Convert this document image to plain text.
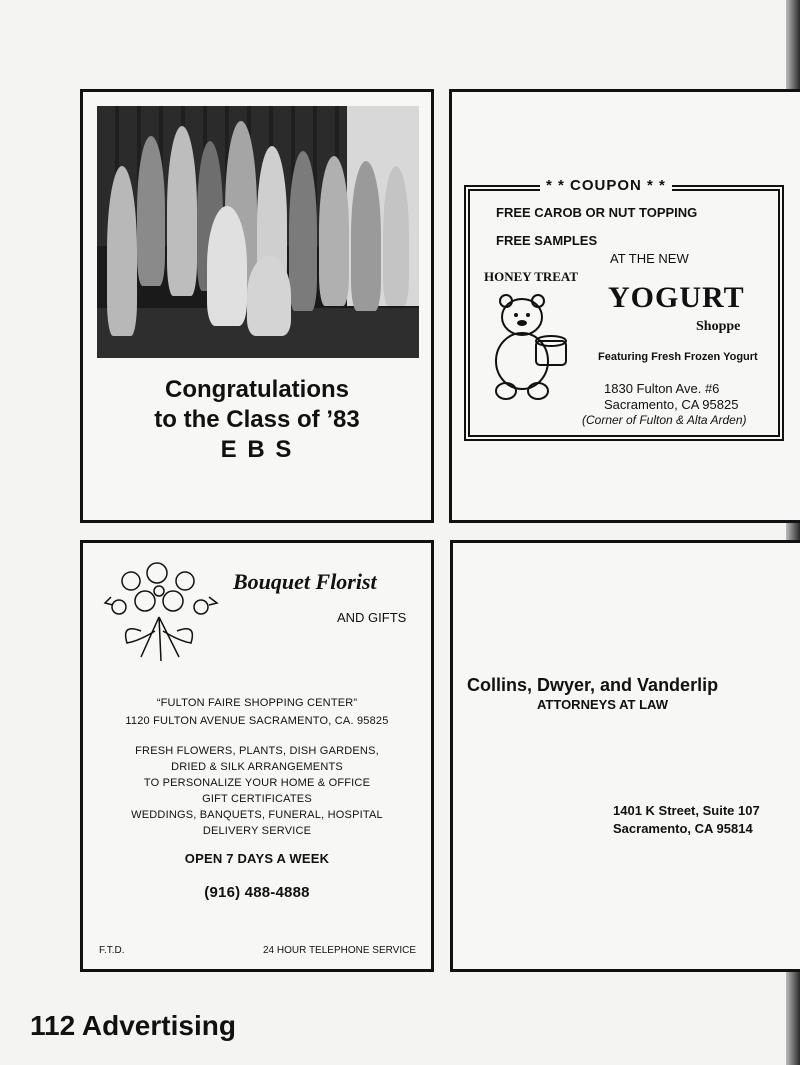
Congratulations
to the Class of ’83
E B S
* * COUPON * *
FREE CAROB OR NUT TOPPING
FREE SAMPLES
AT THE NEW
HONEY TREAT
YOGURT
Shoppe
Featuring Fresh Frozen Yogurt
1830 Fulton Ave. #6
Sacramento, CA 95825
(Corner of Fulton & Alta Arden)
Bouquet Florist
AND GIFTS
“FULTON FAIRE SHOPPING CENTER”
1120 FULTON AVENUE SACRAMENTO, CA. 95825
FRESH FLOWERS, PLANTS, DISH GARDENS,
DRIED & SILK ARRANGEMENTS
TO PERSONALIZE YOUR HOME & OFFICE
GIFT CERTIFICATES
WEDDINGS, BANQUETS, FUNERAL, HOSPITAL
DELIVERY SERVICE
OPEN 7 DAYS A WEEK
(916) 488-4888
F.T.D.	24 HOUR TELEPHONE SERVICE
Collins, Dwyer, and Vanderlip
ATTORNEYS AT LAW
1401 K Street, Suite 107
Sacramento, CA 95814
112 Advertising
